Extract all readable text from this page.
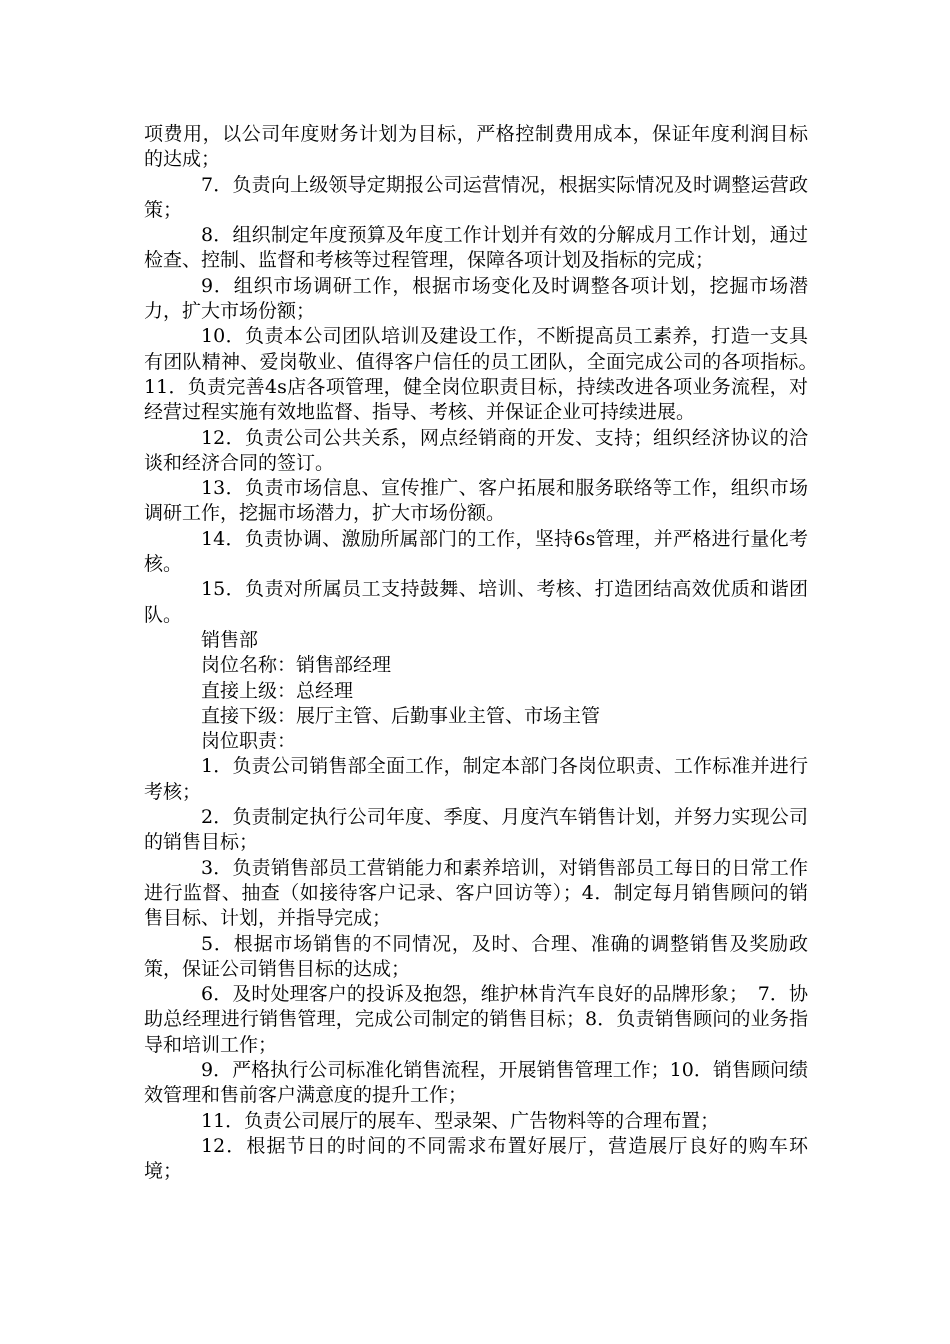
项费用，以公司年度财务计划为目标，严格控制费用成本，保证年度利润目标的达成；

7．负责向上级领导定期报公司运营情况，根据实际情况及时调整运营政策；

8．组织制定年度预算及年度工作计划并有效的分解成月工作计划，通过检查、控制、监督和考核等过程管理，保障各项计划及指标的完成；

9．组织市场调研工作，根据市场变化及时调整各项计划，挖掘市场潜力，扩大市场份额；

10．负责本公司团队培训及建设工作，不断提高员工素养，打造一支具有团队精神、爱岗敬业、值得客户信任的员工团队，全面完成公司的各项指标。　11．负责完善4s店各项管理，健全岗位职责目标，持续改进各项业务流程，对经营过程实施有效地监督、指导、考核、并保证企业可持续进展。

12．负责公司公共关系，网点经销商的开发、支持；组织经济协议的洽谈和经济合同的签订。

13．负责市场信息、宣传推广、客户拓展和服务联络等工作，组织市场调研工作，挖掘市场潜力，扩大市场份额。

14．负责协调、激励所属部门的工作，坚持6s管理，并严格进行量化考核。

15．负责对所属员工支持鼓舞、培训、考核、打造团结高效优质和谐团队。

销售部

岗位名称：销售部经理

直接上级：总经理

直接下级：展厅主管、后勤事业主管、市场主管

岗位职责：

1．负责公司销售部全面工作，制定本部门各岗位职责、工作标准并进行考核；

2．负责制定执行公司年度、季度、月度汽车销售计划，并努力实现公司的销售目标；

3．负责销售部员工营销能力和素养培训，对销售部员工每日的日常工作进行监督、抽查（如接待客户记录、客户回访等）；4．制定每月销售顾问的销售目标、计划，并指导完成；

5．根据市场销售的不同情况，及时、合理、准确的调整销售及奖励政策，保证公司销售目标的达成；

6．及时处理客户的投诉及抱怨，维护林肯汽车良好的品牌形象；　7．协助总经理进行销售管理，完成公司制定的销售目标；8．负责销售顾问的业务指导和培训工作；

9．严格执行公司标准化销售流程，开展销售管理工作；10．销售顾问绩效管理和售前客户满意度的提升工作；

11．负责公司展厅的展车、型录架、广告物料等的合理布置；

12．根据节日的时间的不同需求布置好展厅，营造展厅良好的购车环境；
